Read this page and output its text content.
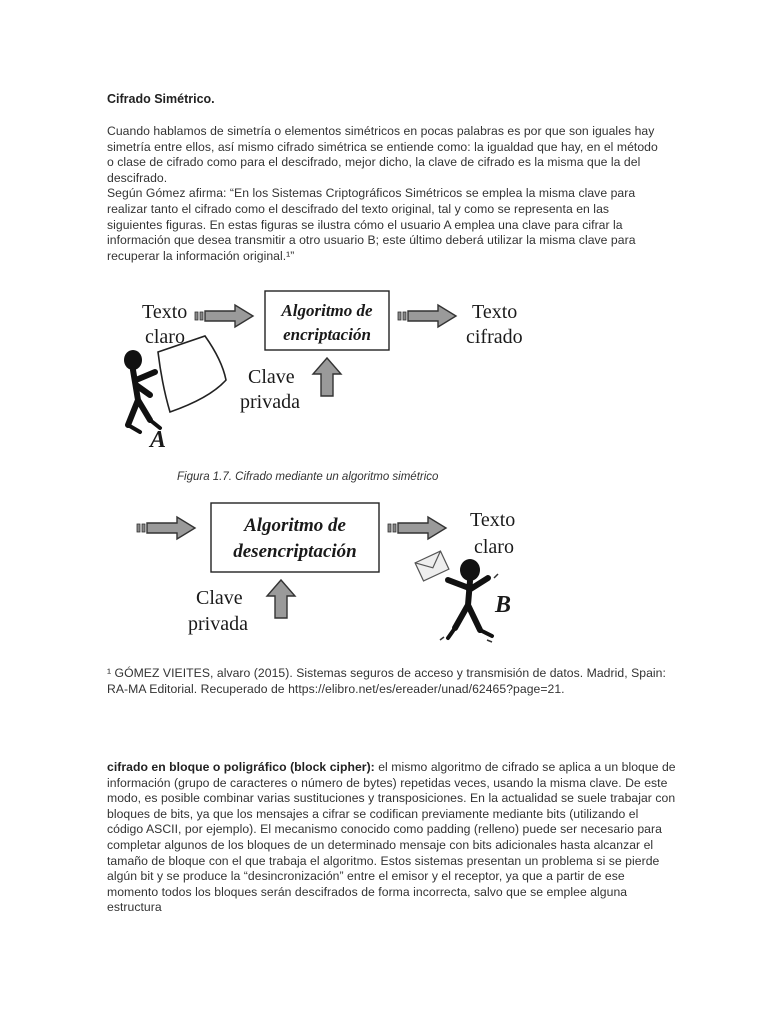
Cifrado Simétrico.

Cuando hablamos de simetría o elementos simétricos en pocas palabras es por que son iguales hay simetría entre ellos, así mismo cifrado simétrica se entiende como: la igualdad que hay, en el método o clase de cifrado como para el descifrado, mejor dicho, la clave de cifrado es la misma que la del descifrado.

Según Gómez afirma: “En los Sistemas Criptográficos Simétricos se emplea la misma clave para realizar tanto el cifrado como el descifrado del texto original, tal y como se representa en las siguientes figuras. En estas figuras se ilustra cómo el usuario A emplea una clave para cifrar la información que desea transmitir a otro usuario B; este último deberá utilizar la misma clave para recuperar la información original.¹”

Texto
claro
Algoritmo de
encriptación
Texto
cifrado
Clave
privada
A
Figura 1.7. Cifrado mediante un algoritmo simétrico
Algoritmo de
desencriptación
Texto
claro
Clave
privada
B

¹ GÓMEZ VIEITES, alvaro (2015). Sistemas seguros de acceso y transmisión de datos. Madrid, Spain: RA-MA Editorial. Recuperado de https://elibro.net/es/ereader/unad/62465?page=21.

cifrado en bloque o poligráfico (block cipher): el mismo algoritmo de cifrado se aplica a un bloque de información (grupo de caracteres o número de bytes) repetidas veces, usando la misma clave. De este modo, es posible combinar varias sustituciones y transposiciones. En la actualidad se suele trabajar con bloques de bits, ya que los mensajes a cifrar se codifican previamente mediante bits (utilizando el código ASCII, por ejemplo). El mecanismo conocido como padding (relleno) puede ser necesario para completar algunos de los bloques de un determinado mensaje con bits adicionales hasta alcanzar el tamaño de bloque con el que trabaja el algoritmo. Estos sistemas presentan un problema si se pierde algún bit y se produce la “desincronización” entre el emisor y el receptor, ya que a partir de ese momento todos los bloques serán descifrados de forma incorrecta, salvo que se emplee alguna estructura
